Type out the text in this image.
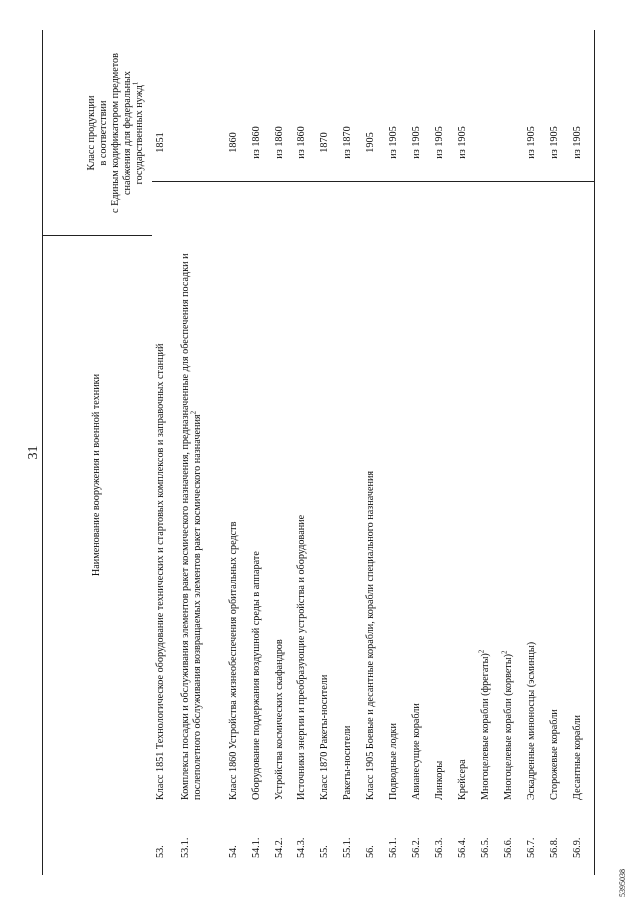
31	Наименование вооружения и военной техники
Класс продукции в соответствии с Единым кодификатором предметов снабжения для федеральных государственных нужд$^1$
53.
Класс 1851 Технологическое оборудование технических и стартовых комплексов и заправочных станций
1851
53.1.
Комплексы посадки и обслуживания элементов ракет космического назначения, предназначенные для обеспечения посадки и послеполетного обслуживания возвращаемых элементов ракет космического назначения$^2$
54.
Класс 1860 Устройства жизнеобеспечения орбитальных средств
1860
54.1.
Оборудование поддержания воздушной среды в аппарате
из 1860
54.2.
Устройства космических скафандров
из 1860
54.3.
Источники энергии и преобразующие устройства и оборудование
из 1860
55.
Класс 1870 Ракеты-носители
1870
55.1.
Ракеты-носители
из 1870
56.
Класс 1905 Боевые и десантные корабли, корабли специального назначения
1905
56.1.
Подводные лодки
из 1905
56.2.
Авианесущие корабли
из 1905
56.3.
Линкоры
из 1905
56.4.
Крейсера
из 1905
56.5.
Многоцелевые корабли (фрегаты)$^2$
56.6.
Многоцелевые корабли (корветы)$^2$
56.7.
Эскадренные миноносцы (эсминцы)
из 1905
56.8.
Сторожевые корабли
из 1905
56.9.
Десантные корабли
из 1905
5395038
